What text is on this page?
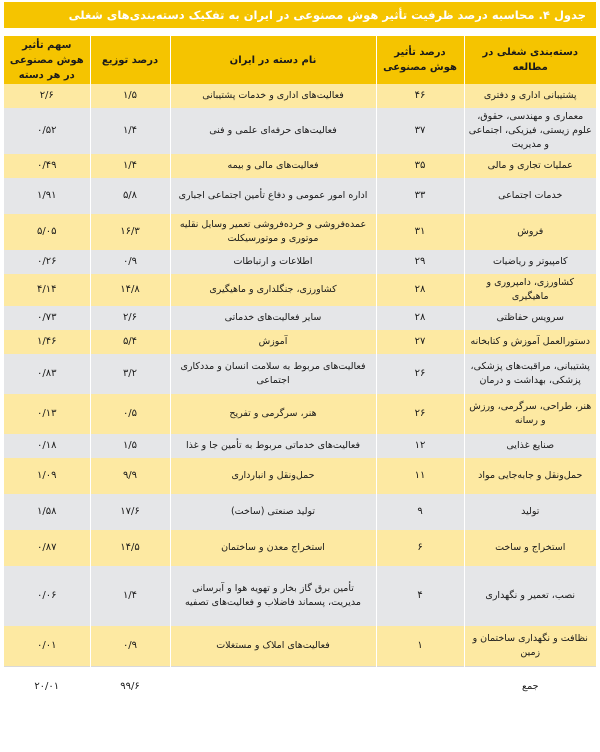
جدول ۴. محاسبه درصد ظرفیت تأثیر هوش مصنوعی در ایران به تفکیک دسته‌بندی‌های شغلی
دسته‌بندی شغلی در مطالعه	درصد تأثیر هوش مصنوعی	نام دسته در ایران	درصد توزیع	سهم تأثیر هوش مصنوعی در هر دسته
پشتیبانی اداری و دفتری	۴۶	فعالیت‌های اداری و خدمات پشتیبانی	۱/۵	۲/۶
معماری و مهندسی، حقوق، علوم زیستی، فیزیکی، اجتماعی و مدیریت	۳۷	فعالیت‌های حرفه‌ای علمی و فنی	۱/۴	۰/۵۲
عملیات تجاری و مالی	۳۵	فعالیت‌های مالی و بیمه	۱/۴	۰/۴۹
خدمات اجتماعی	۳۳	اداره امور عمومی و دفاع تأمین اجتماعی اجباری	۵/۸	۱/۹۱
فروش	۳۱	عمده‌فروشی و خرده‌فروشی تعمیر وسایل نقلیه موتوری و موتورسیکلت	۱۶/۳	۵/۰۵
کامپیوتر و ریاضیات	۲۹	اطلاعات و ارتباطات	۰/۹	۰/۲۶
کشاورزی، دامپروری و ماهیگیری	۲۸	کشاورزی، جنگلداری و ماهیگیری	۱۴/۸	۴/۱۴
سرویس حفاظتی	۲۸	سایر فعالیت‌های خدماتی	۲/۶	۰/۷۳
دستورالعمل آموزش و کتابخانه	۲۷	آموزش	۵/۴	۱/۴۶
پشتیبانی، مراقبت‌های پزشکی، پزشکی، بهداشت و درمان	۲۶	فعالیت‌های مربوط به سلامت انسان و مددکاری اجتماعی	۳/۲	۰/۸۳
هنر، طراحی، سرگرمی، ورزش و رسانه	۲۶	هنر، سرگرمی و تفریح	۰/۵	۰/۱۳
صنایع غذایی	۱۲	فعالیت‌های خدماتی مربوط به تأمین جا و غذا	۱/۵	۰/۱۸
حمل‌ونقل و جابه‌جایی مواد	۱۱	حمل‌ونقل و انبارداری	۹/۹	۱/۰۹
تولید	۹	تولید صنعتی (ساخت)	۱۷/۶	۱/۵۸
استخراج و ساخت	۶	استخراج معدن و ساختمان	۱۴/۵	۰/۸۷
نصب، تعمیر و نگهداری	۴	تأمین برق گاز بخار و تهویه هوا و آبرسانی مدیریت، پسماند فاضلاب و فعالیت‌های تصفیه	۱/۴	۰/۰۶
نظافت و نگهداری ساختمان و زمین	۱	فعالیت‌های املاک و مستغلات	۰/۹	۰/۰۱
جمع			۹۹/۶	۲۰/۰۱
